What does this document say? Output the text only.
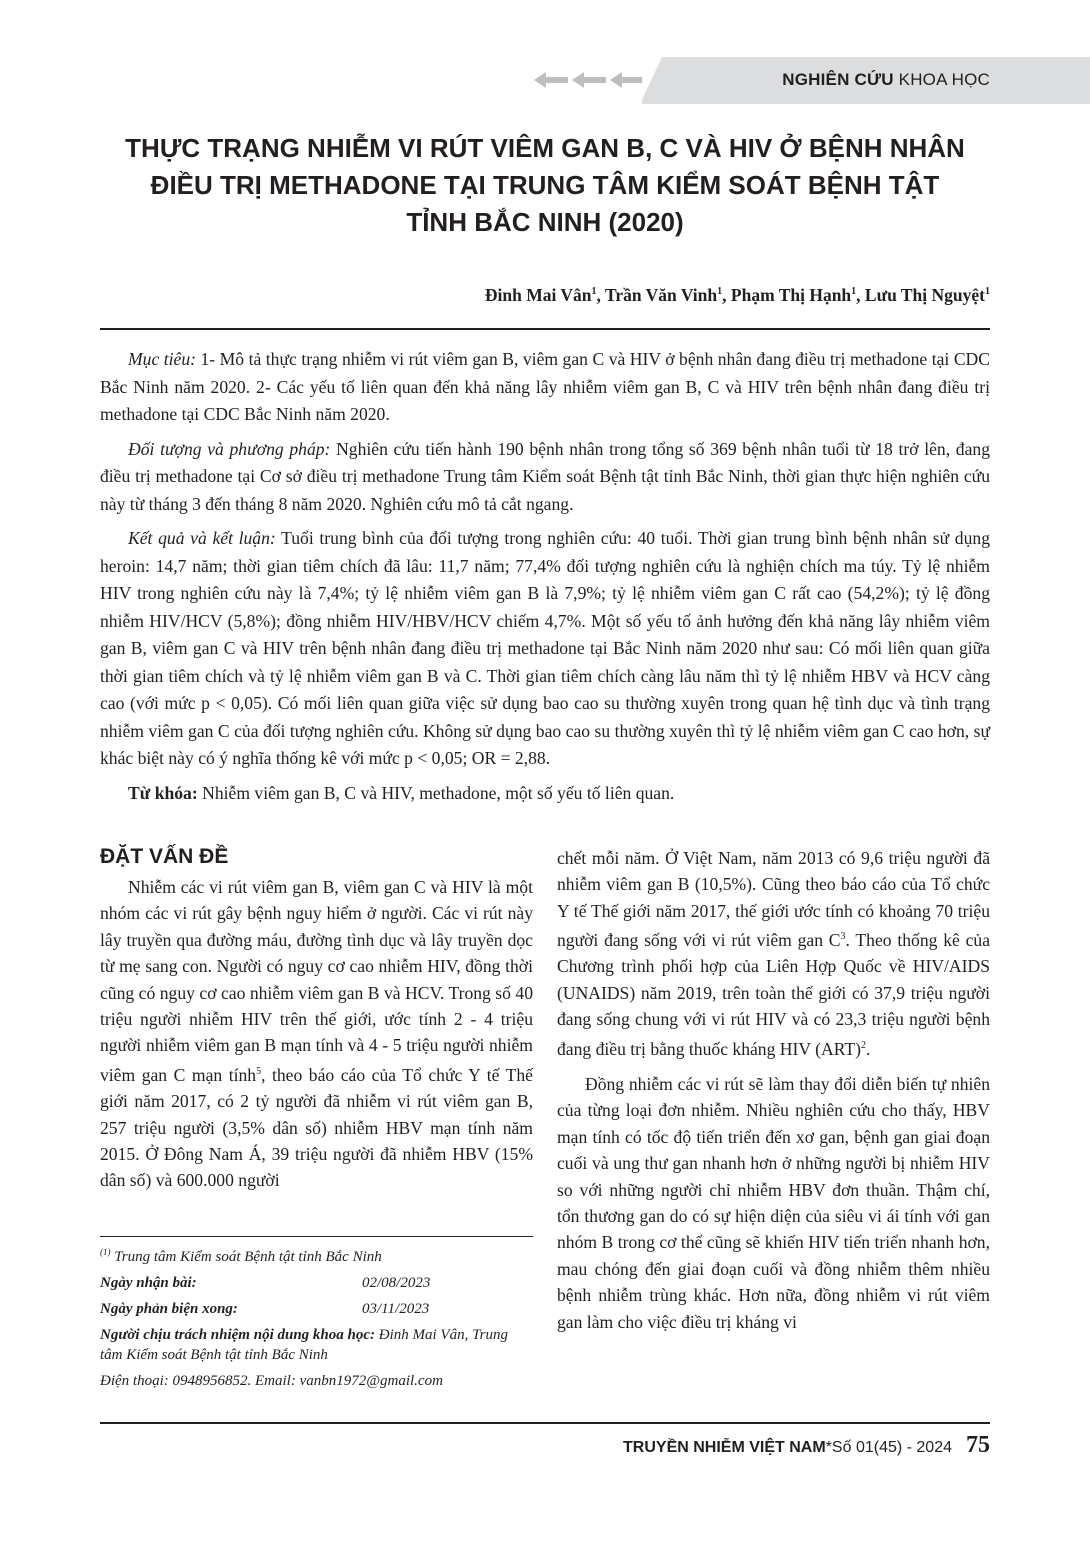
NGHIÊN CỨU KHOA HỌC
THỰC TRẠNG NHIỄM VI RÚT VIÊM GAN B, C VÀ HIV Ở BỆNH NHÂN
ĐIỀU TRỊ METHADONE TẠI TRUNG TÂM KIỂM SOÁT BỆNH TẬT
TỈNH BẮC NINH (2020)
Đinh Mai Vân$^1$, Trần Văn Vinh$^1$, Phạm Thị Hạnh$^1$, Lưu Thị Nguyệt$^1$

Mục tiêu: 1- Mô tả thực trạng nhiễm vi rút viêm gan B, viêm gan C và HIV ở bệnh nhân đang điều trị methadone tại CDC Bắc Ninh năm 2020. 2- Các yếu tố liên quan đến khả năng lây nhiễm viêm gan B, C và HIV trên bệnh nhân đang điều trị methadone tại CDC Bắc Ninh năm 2020.

Đối tượng và phương pháp: Nghiên cứu tiến hành 190 bệnh nhân trong tổng số 369 bệnh nhân tuổi từ 18 trở lên, đang điều trị methadone tại Cơ sở điều trị methadone Trung tâm Kiểm soát Bệnh tật tỉnh Bắc Ninh, thời gian thực hiện nghiên cứu này từ tháng 3 đến tháng 8 năm 2020. Nghiên cứu mô tả cắt ngang.

Kết quả và kết luận: Tuổi trung bình của đối tượng trong nghiên cứu: 40 tuổi. Thời gian trung bình bệnh nhân sử dụng heroin: 14,7 năm; thời gian tiêm chích đã lâu: 11,7 năm; 77,4% đối tượng nghiên cứu là nghiện chích ma túy. Tỷ lệ nhiễm HIV trong nghiên cứu này là 7,4%; tỷ lệ nhiễm viêm gan B là 7,9%; tỷ lệ nhiễm viêm gan C rất cao (54,2%); tỷ lệ đồng nhiễm HIV/HCV (5,8%); đồng nhiễm HIV/HBV/HCV chiếm 4,7%. Một số yếu tố ảnh hưởng đến khả năng lây nhiễm viêm gan B, viêm gan C và HIV trên bệnh nhân đang điều trị methadone tại Bắc Ninh năm 2020 như sau: Có mối liên quan giữa thời gian tiêm chích và tỷ lệ nhiễm viêm gan B và C. Thời gian tiêm chích càng lâu năm thì tỷ lệ nhiễm HBV và HCV càng cao (với mức p < 0,05). Có mối liên quan giữa việc sử dụng bao cao su thường xuyên trong quan hệ tình dục và tình trạng nhiễm viêm gan C của đối tượng nghiên cứu. Không sử dụng bao cao su thường xuyên thì tỷ lệ nhiễm viêm gan C cao hơn, sự khác biệt này có ý nghĩa thống kê với mức p < 0,05; OR = 2,88.

Từ khóa: Nhiễm viêm gan B, C và HIV, methadone, một số yếu tố liên quan.

ĐẶT VẤN ĐỀ

Nhiễm các vi rút viêm gan B, viêm gan C và HIV là một nhóm các vi rút gây bệnh nguy hiểm ở người. Các vi rút này lây truyền qua đường máu, đường tình dục và lây truyền dọc từ mẹ sang con. Người có nguy cơ cao nhiễm HIV, đồng thời cũng có nguy cơ cao nhiễm viêm gan B và HCV. Trong số 40 triệu người nhiễm HIV trên thế giới, ước tính 2 - 4 triệu người nhiễm viêm gan B mạn tính và 4 - 5 triệu người nhiễm viêm gan C mạn tính$^5$, theo báo cáo của Tổ chức Y tế Thế giới năm 2017, có 2 tỷ người đã nhiễm vi rút viêm gan B, 257 triệu người (3,5% dân số) nhiễm HBV mạn tính năm 2015. Ở Đông Nam Á, 39 triệu người đã nhiễm HBV (15% dân số) và 600.000 người

chết mỗi năm. Ở Việt Nam, năm 2013 có 9,6 triệu người đã nhiễm viêm gan B (10,5%). Cũng theo báo cáo của Tổ chức Y tế Thế giới năm 2017, thế giới ước tính có khoảng 70 triệu người đang sống với vi rút viêm gan $C^3$. Theo thống kê của Chương trình phối hợp của Liên Hợp Quốc về HIV/AIDS (UNAIDS) năm 2019, trên toàn thế giới có 37,9 triệu người đang sống chung với vi rút HIV và có 23,3 triệu người bệnh đang điều trị bằng thuốc kháng HIV (ART)$^2$.

Đồng nhiễm các vi rút sẽ làm thay đổi diễn biến tự nhiên của từng loại đơn nhiễm. Nhiều nghiên cứu cho thấy, HBV mạn tính có tốc độ tiến triển đến xơ gan, bệnh gan giai đoạn cuối và ung thư gan nhanh hơn ở những người bị nhiễm HIV so với những người chỉ nhiễm HBV đơn thuần. Thậm chí, tổn thương gan do có sự hiện diện của siêu vi ái tính với gan nhóm B trong cơ thể cũng sẽ khiến HIV tiến triển nhanh hơn, mau chóng đến giai đoạn cuối và đồng nhiễm thêm nhiều bệnh nhiễm trùng khác. Hơn nữa, đồng nhiễm vi rút viêm gan làm cho việc điều trị kháng vi

$^{(1)}$ Trung tâm Kiểm soát Bệnh tật tỉnh Bắc Ninh
Ngày nhận bài:	02/08/2023
Ngày phản biện xong:	03/11/2023
Người chịu trách nhiệm nội dung khoa học: Đinh Mai Vân, Trung tâm Kiểm soát Bệnh tật tỉnh Bắc Ninh
Điện thoại: 0948956852. Email: vanbn1972@gmail.com
TRUYỀN NHIỄM VIỆT NAM * Số 01(45) - 2024 75
